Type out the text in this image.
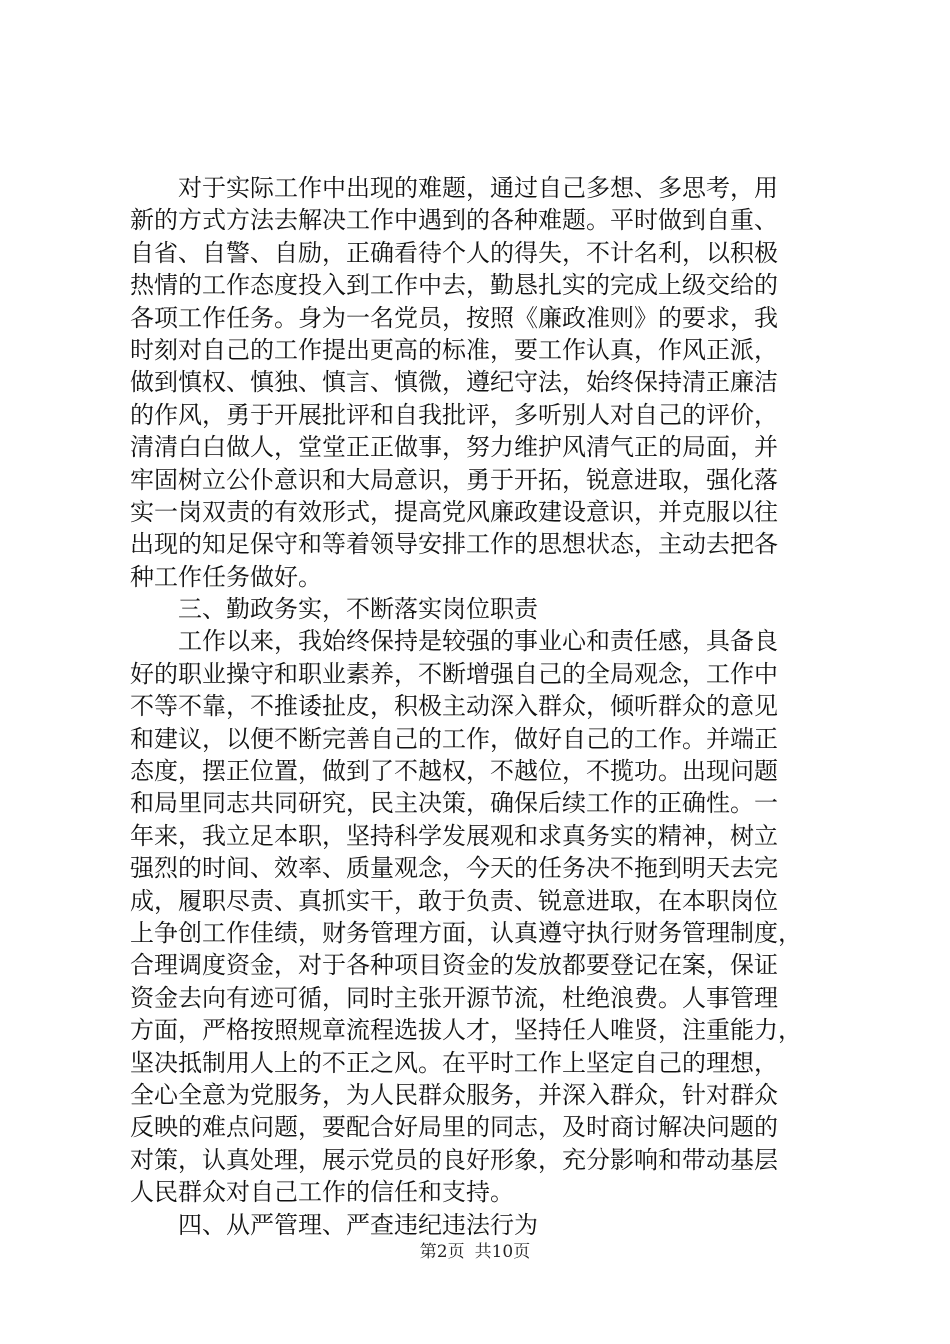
对于实际工作中出现的难题，通过自己多想、多思考，用
新的方式方法去解决工作中遇到的各种难题。平时做到自重、
自省、自警、自励，正确看待个人的得失，不计名利，以积极
热情的工作态度投入到工作中去，勤恳扎实的完成上级交给的
各项工作任务。身为一名党员，按照《廉政准则》的要求，我
时刻对自己的工作提出更高的标准，要工作认真，作风正派，
做到慎权、慎独、慎言、慎微，遵纪守法，始终保持清正廉洁
的作风，勇于开展批评和自我批评，多听别人对自己的评价，
清清白白做人，堂堂正正做事，努力维护风清气正的局面，并
牢固树立公仆意识和大局意识，勇于开拓，锐意进取，强化落
实一岗双责的有效形式，提高党风廉政建设意识，并克服以往
出现的知足保守和等着领导安排工作的思想状态，主动去把各
种工作任务做好。
三、勤政务实，不断落实岗位职责
工作以来，我始终保持是较强的事业心和责任感，具备良
好的职业操守和职业素养，不断增强自己的全局观念，工作中
不等不靠，不推诿扯皮，积极主动深入群众，倾听群众的意见
和建议，以便不断完善自己的工作，做好自己的工作。并端正
态度，摆正位置，做到了不越权，不越位，不揽功。出现问题
和局里同志共同研究，民主决策，确保后续工作的正确性。一
年来，我立足本职，坚持科学发展观和求真务实的精神，树立
强烈的时间、效率、质量观念，今天的任务决不拖到明天去完
成，履职尽责、真抓实干，敢于负责、锐意进取，在本职岗位
上争创工作佳绩，财务管理方面，认真遵守执行财务管理制度，
合理调度资金，对于各种项目资金的发放都要登记在案，保证
资金去向有迹可循，同时主张开源节流，杜绝浪费。人事管理
方面，严格按照规章流程选拔人才，坚持任人唯贤，注重能力，
坚决抵制用人上的不正之风。在平时工作上坚定自己的理想，
全心全意为党服务，为人民群众服务，并深入群众，针对群众
反映的难点问题，要配合好局里的同志，及时商讨解决问题的
对策，认真处理，展示党员的良好形象，充分影响和带动基层
人民群众对自己工作的信任和支持。
四、从严管理、严查违纪违法行为
第2页 共10页
